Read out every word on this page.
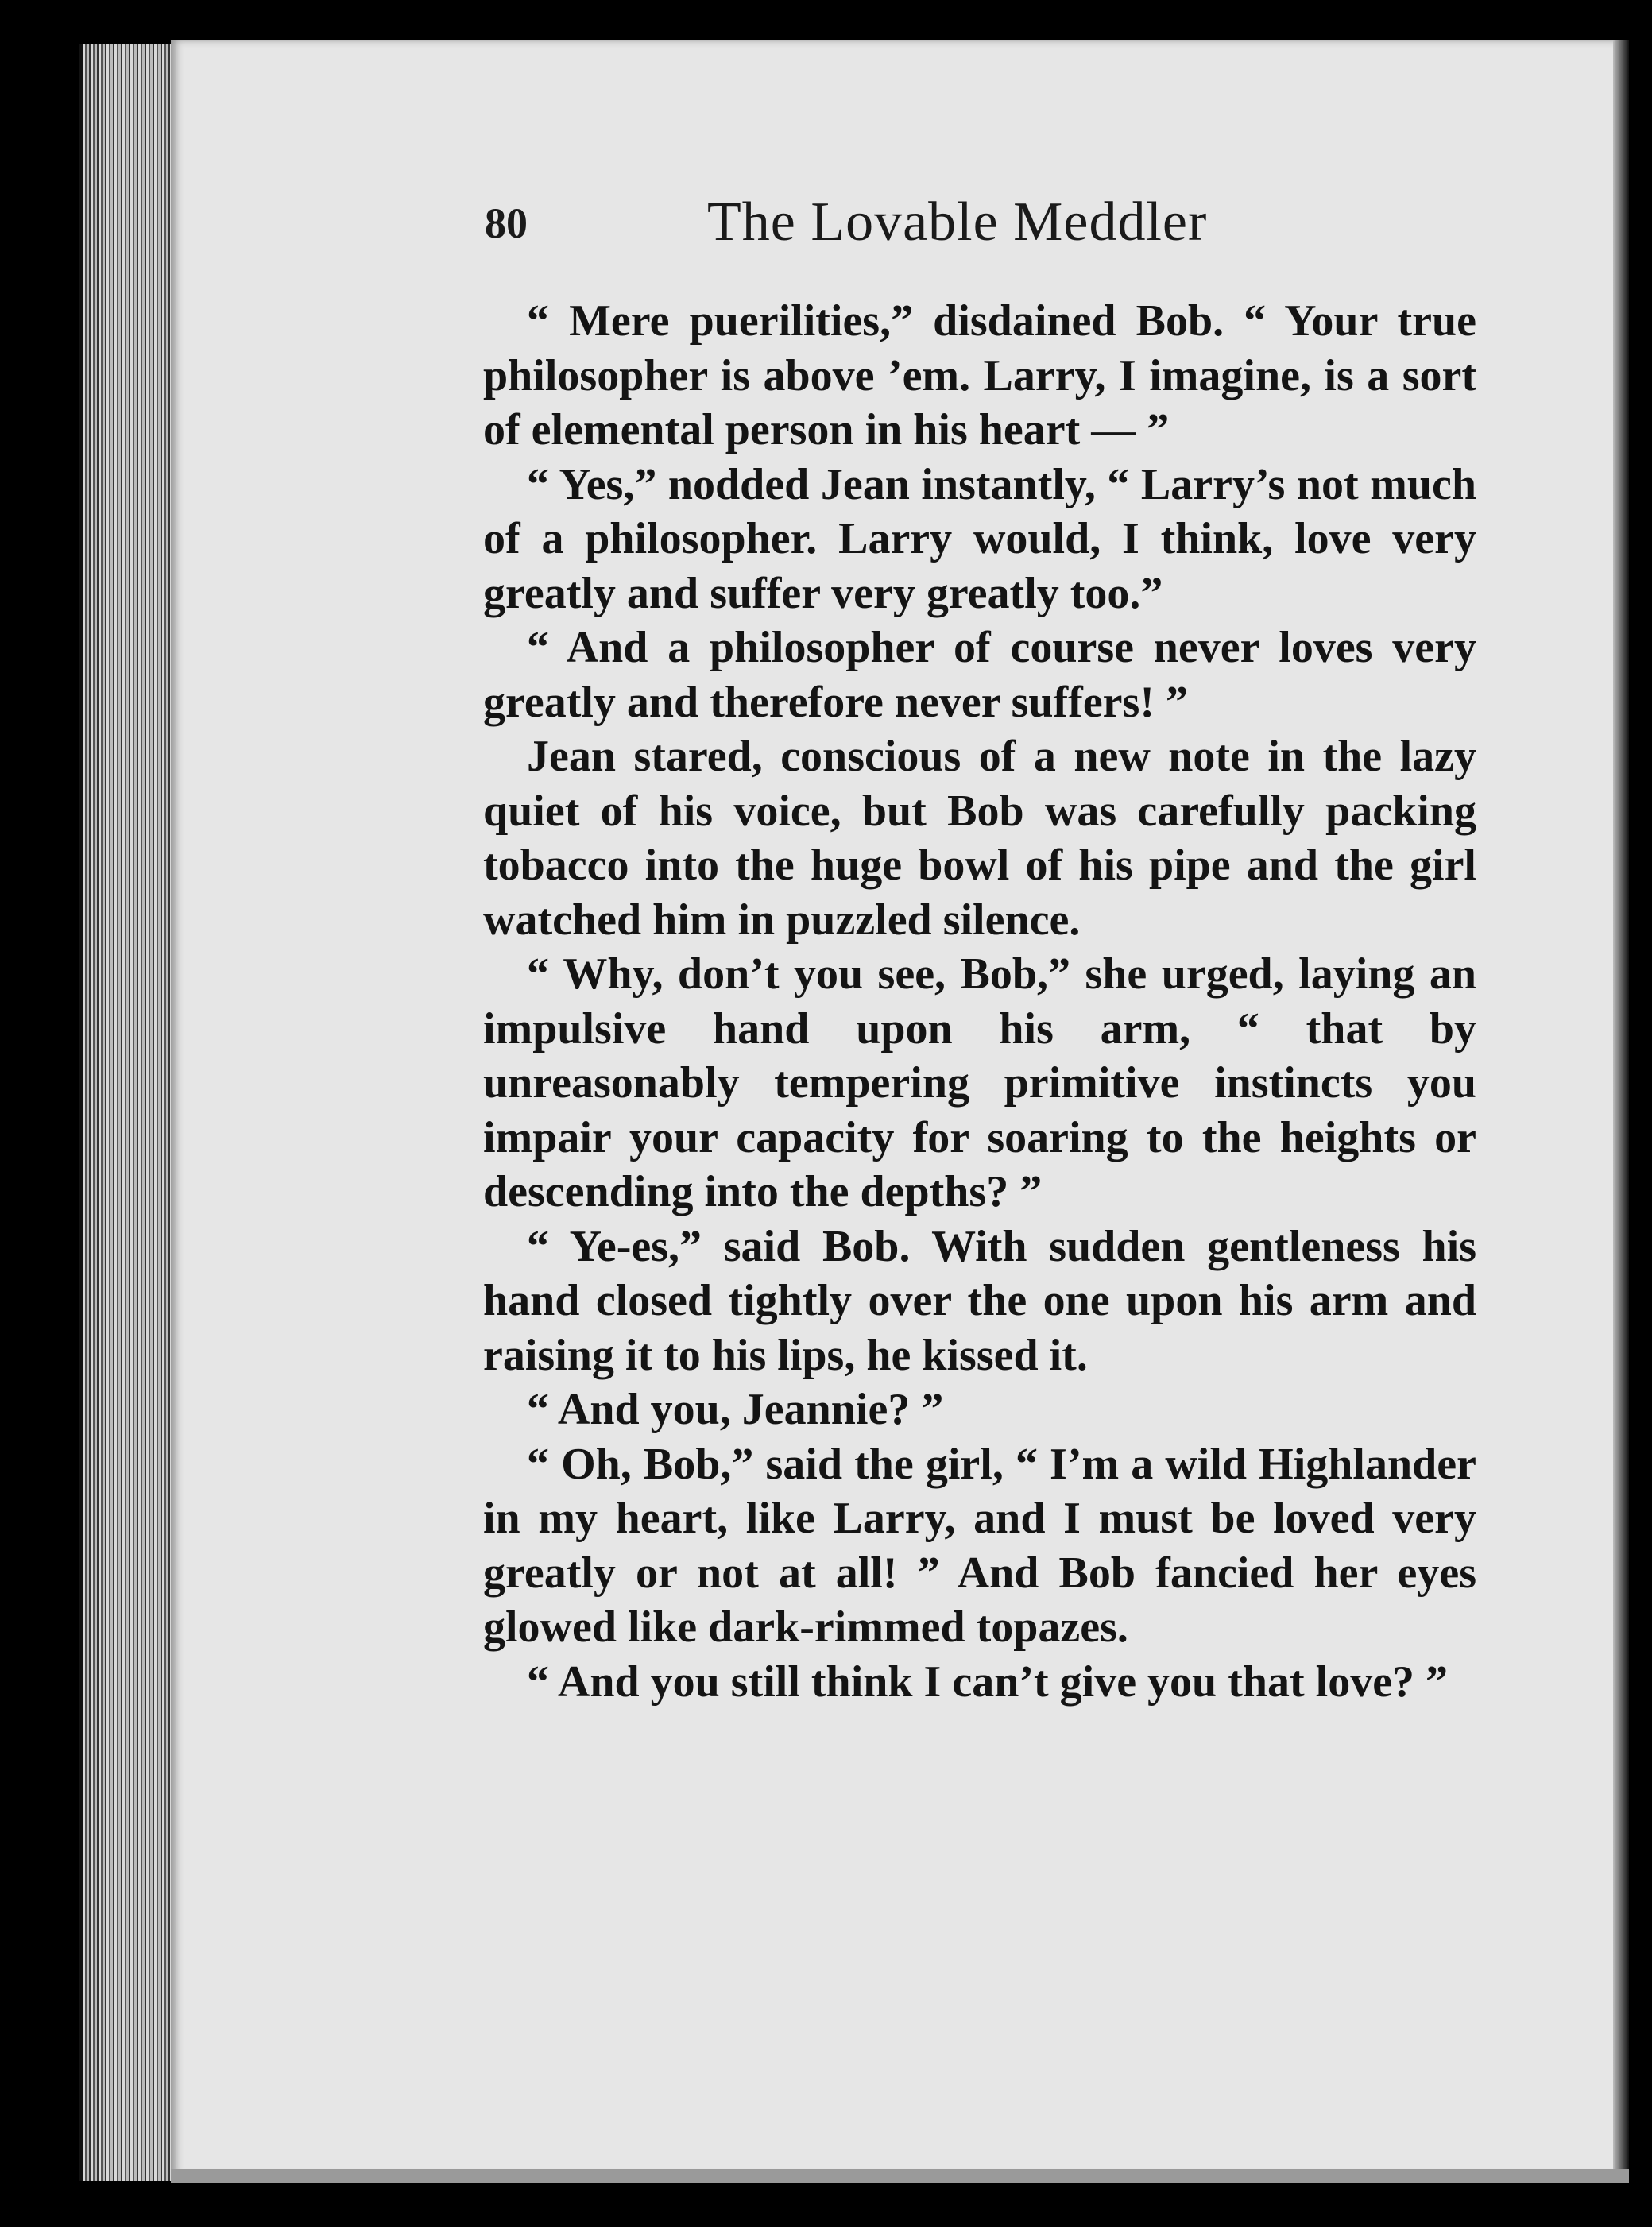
80	The Lovable Meddler

“ Mere puerilities,” disdained Bob. “ Your true philosopher is above ’em. Larry, I imagine, is a sort of elemental person in his heart — ”

“ Yes,” nodded Jean instantly, “ Larry’s not much of a philosopher. Larry would, I think, love very greatly and suffer very greatly too.”

“ And a philosopher of course never loves very greatly and therefore never suffers! ”

Jean stared, conscious of a new note in the lazy quiet of his voice, but Bob was carefully packing tobacco into the huge bowl of his pipe and the girl watched him in puzzled silence.

“ Why, don’t you see, Bob,” she urged, laying an impulsive hand upon his arm, “ that by unreasonably tempering primitive instincts you impair your capacity for soaring to the heights or descending into the depths? ”

“ Ye-es,” said Bob. With sudden gentleness his hand closed tightly over the one upon his arm and raising it to his lips, he kissed it.

“ And you, Jeannie? ”

“ Oh, Bob,” said the girl, “ I’m a wild Highlander in my heart, like Larry, and I must be loved very greatly or not at all! ” And Bob fancied her eyes glowed like dark-rimmed topazes.

“ And you still think I can’t give you that love? ”
